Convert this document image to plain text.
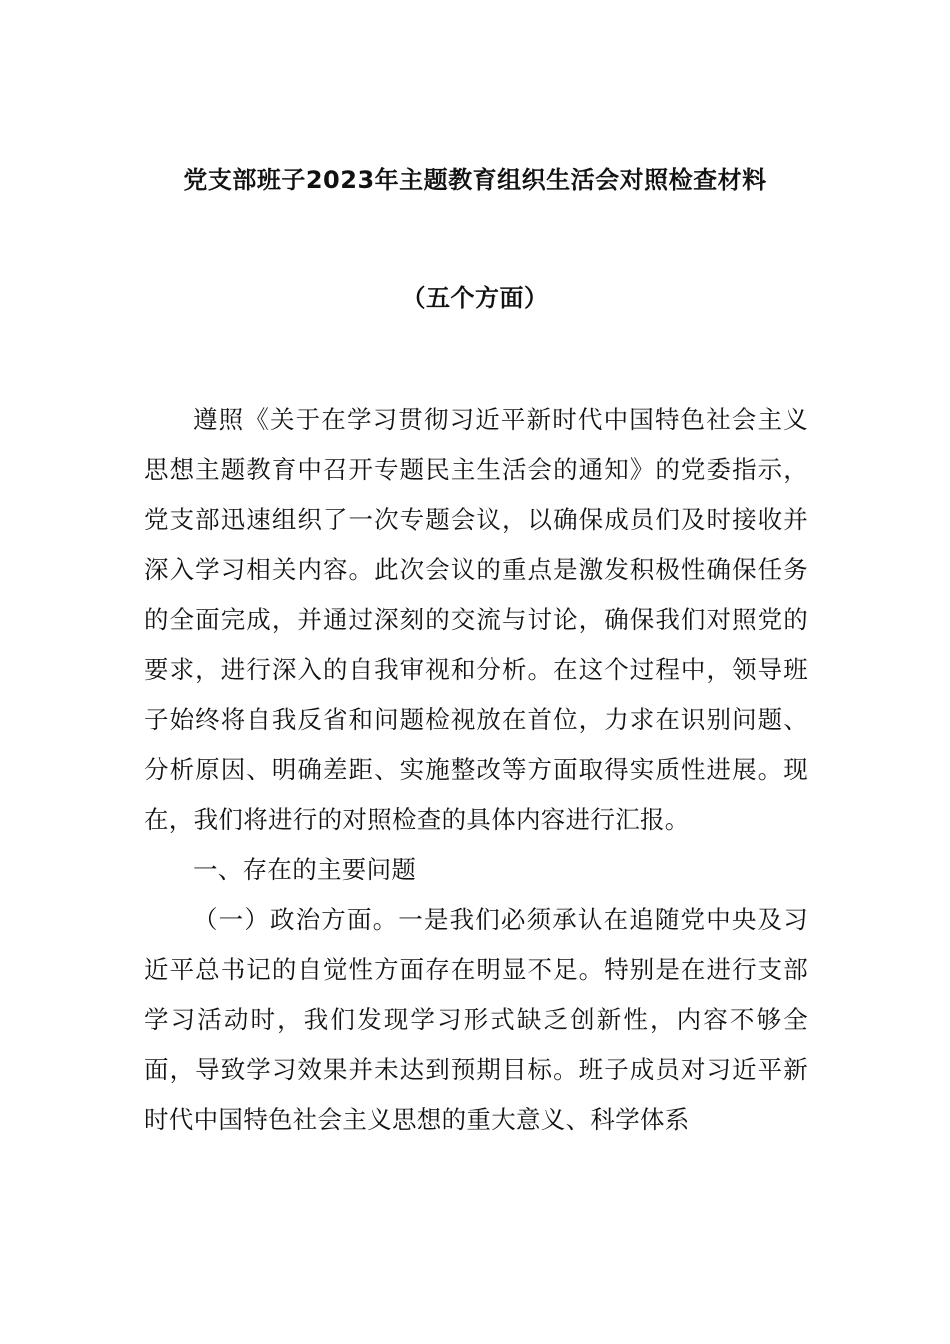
党支部班子2023年主题教育组织生活会对照检查材料
（五个方面）

遵照《关于在学习贯彻习近平新时代中国特色社会主义思想主题教育中召开专题民主生活会的通知》的党委指示，党支部迅速组织了一次专题会议，以确保成员们及时接收并深入学习相关内容。此次会议的重点是激发积极性确保任务的全面完成，并通过深刻的交流与讨论，确保我们对照党的要求，进行深入的自我审视和分析。在这个过程中，领导班子始终将自我反省和问题检视放在首位，力求在识别问题、分析原因、明确差距、实施整改等方面取得实质性进展。现在，我们将进行的对照检查的具体内容进行汇报。

一、存在的主要问题

（一）政治方面。一是我们必须承认在追随党中央及习近平总书记的自觉性方面存在明显不足。特别是在进行支部学习活动时，我们发现学习形式缺乏创新性，内容不够全面，导致学习效果并未达到预期目标。班子成员对习近平新时代中国特色社会主义思想的重大意义、科学体系
